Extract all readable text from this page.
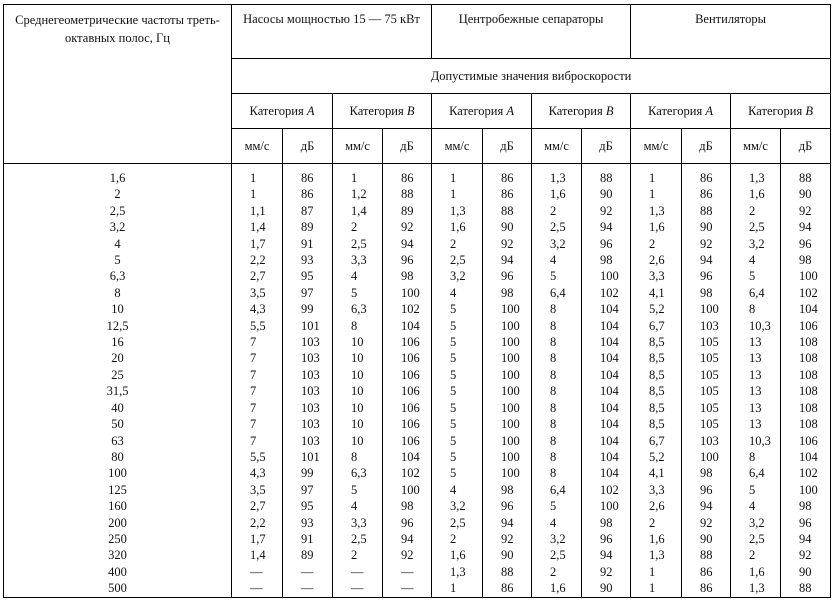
Среднегеометрические частоты треть-октавных полос, Гц	Насосы мощностью 15 — 75 кВт				Центробежные сепараторы				Вентиляторы			
	Допустимые значения виброскорости											
	Категория A		Категория B		Категория A		Категория B		Категория A		Категория B	
	мм/с	дБ	мм/с	дБ	мм/с	дБ	мм/с	дБ	мм/с	дБ	мм/с	дБ
1,6	1	86	1	86	1	86	1,3	88	1	86	1,3	88
2	1	86	1,2	88	1	86	1,6	90	1	86	1,6	90
2,5	1,1	87	1,4	89	1,3	88	2	92	1,3	88	2	92
3,2	1,4	89	2	92	1,6	90	2,5	94	1,6	90	2,5	94
4	1,7	91	2,5	94	2	92	3,2	96	2	92	3,2	96
5	2,2	93	3,3	96	2,5	94	4	98	2,6	94	4	98
6,3	2,7	95	4	98	3,2	96	5	100	3,3	96	5	100
8	3,5	97	5	100	4	98	6,4	102	4,1	98	6,4	102
10	4,3	99	6,3	102	5	100	8	104	5,2	100	8	104
12,5	5,5	101	8	104	5	100	8	104	6,7	103	10,3	106
16	7	103	10	106	5	100	8	104	8,5	105	13	108
20	7	103	10	106	5	100	8	104	8,5	105	13	108
25	7	103	10	106	5	100	8	104	8,5	105	13	108
31,5	7	103	10	106	5	100	8	104	8,5	105	13	108
40	7	103	10	106	5	100	8	104	8,5	105	13	108
50	7	103	10	106	5	100	8	104	8,5	105	13	108
63	7	103	10	106	5	100	8	104	6,7	103	10,3	106
80	5,5	101	8	104	5	100	8	104	5,2	100	8	104
100	4,3	99	6,3	102	5	100	8	104	4,1	98	6,4	102
125	3,5	97	5	100	4	98	6,4	102	3,3	96	5	100
160	2,7	95	4	98	3,2	96	5	100	2,6	94	4	98
200	2,2	93	3,3	96	2,5	94	4	98	2	92	3,2	96
250	1,7	91	2,5	94	2	92	3,2	96	1,6	90	2,5	94
320	1,4	89	2	92	1,6	90	2,5	94	1,3	88	2	92
400	—	—	—	—	1,3	88	2	92	1	86	1,6	90
500	—	—	—	—	1	86	1,6	90	1	86	1,3	88
